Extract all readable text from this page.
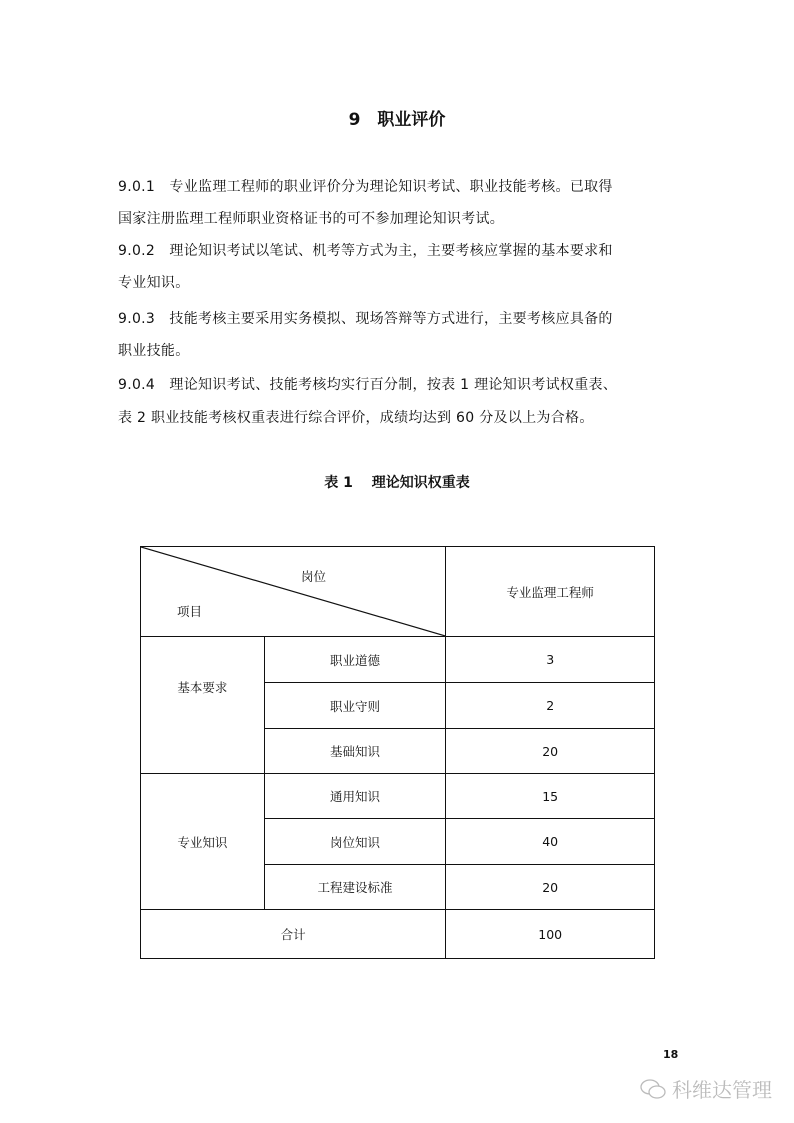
9　职业评价
9.0.1　专业监理工程师的职业评价分为理论知识考试、职业技能考核。已取得
国家注册监理工程师职业资格证书的可不参加理论知识考试。
9.0.2　理论知识考试以笔试、机考等方式为主，主要考核应掌握的基本要求和
专业知识。
9.0.3　技能考核主要采用实务模拟、现场答辩等方式进行，主要考核应具备的
职业技能。
9.0.4　理论知识考试、技能考核均实行百分制，按表 1 理论知识考试权重表、
表 2 职业技能考核权重表进行综合评价，成绩均达到 60 分及以上为合格。
表 1　 理论知识权重表
岗位
项目		专业监理工程师
基本要求	职业道德	3
	职业守则	2
	基础知识	20
专业知识	通用知识	15
	岗位知识	40
	工程建设标准	20
合计		100
18
科维达管理
